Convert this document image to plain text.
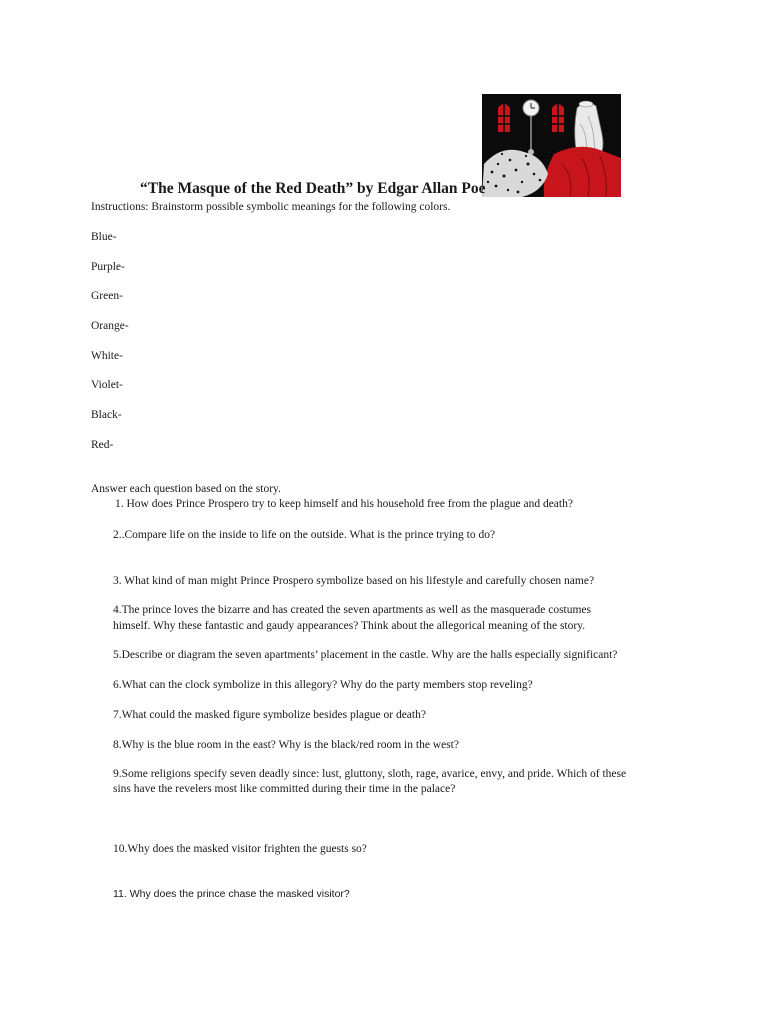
“The Masque of the Red Death” by Edgar Allan Poe
Instructions: Brainstorm possible symbolic meanings for the following colors.
Blue-
Purple-
Green-
Orange-
White-
Violet-
Black-
Red-
Answer each question based on the story.
1. How does Prince Prospero try to keep himself and his household free from the plague and death?
2..Compare life on the inside to life on the outside. What is the prince trying to do?
3. What kind of man might Prince Prospero symbolize based on his lifestyle and carefully chosen name?
4.The prince loves the bizarre and has created the seven apartments as well as the masquerade costumes
himself. Why these fantastic and gaudy appearances? Think about the allegorical meaning of the story.
5.Describe or diagram the seven apartments’ placement in the castle. Why are the halls especially significant?
6.What can the clock symbolize in this allegory? Why do the party members stop reveling?
7.What could the masked figure symbolize besides plague or death?
8.Why is the blue room in the east? Why is the black/red room in the west?
9.Some religions specify seven deadly since: lust, gluttony, sloth, rage, avarice, envy, and pride. Which of these
sins have the revelers most like committed during their time in the palace?
10.Why does the masked visitor frighten the guests so?
11. Why does the prince chase the masked visitor?
